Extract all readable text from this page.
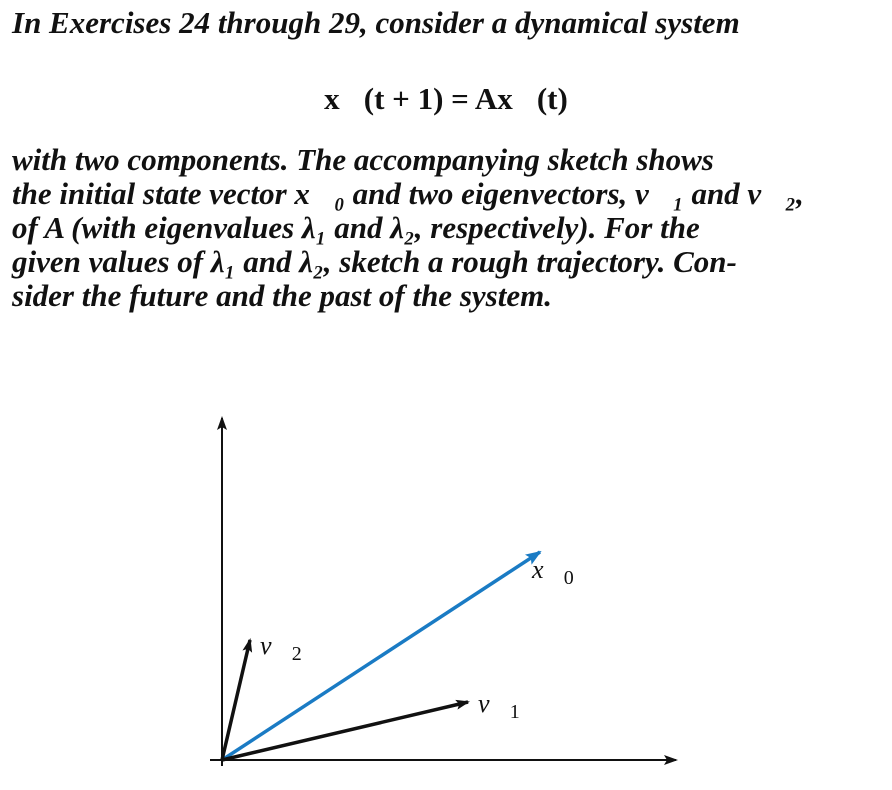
In Exercises 24 through 29, consider a dynamical system
x⃗(t + 1) = Ax⃗(t)
with two components. The accompanying sketch shows
the initial state vector x⃗₀ and two eigenvectors, v⃗₁ and v⃗₂,
of A (with eigenvalues λ₁ and λ₂, respectively). For the
given values of λ₁ and λ₂, sketch a rough trajectory. Con-
sider the future and the past of the system.
$x⃗_0$
$v⃗_1$
$v⃗_2$
